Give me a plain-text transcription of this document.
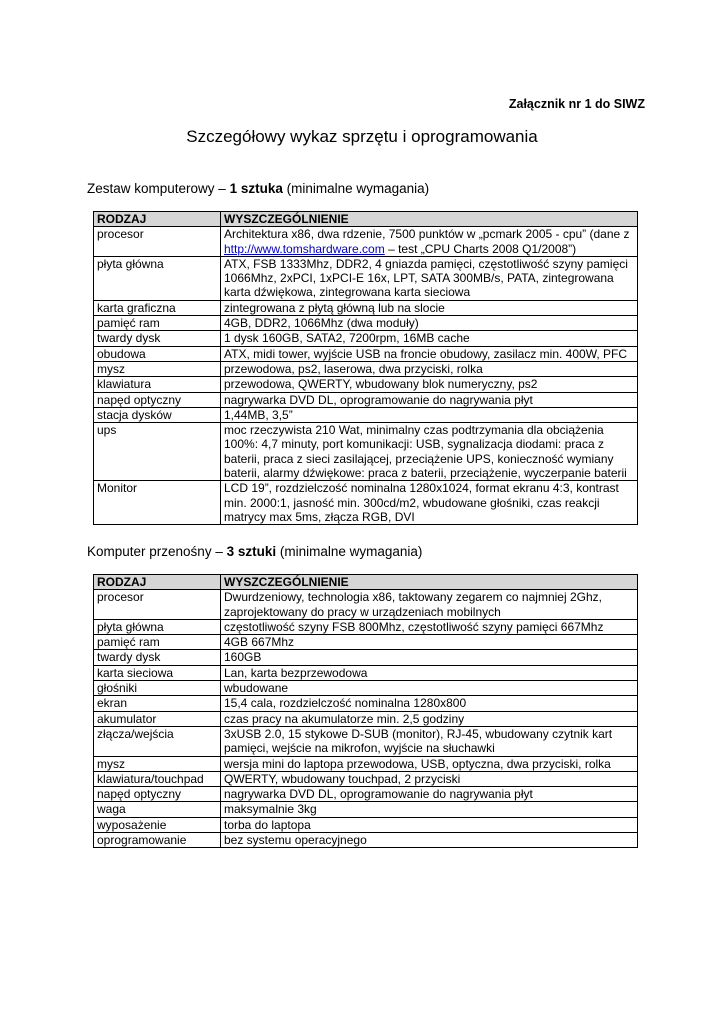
Załącznik nr 1 do SIWZ

Szczegółowy wykaz sprzętu i oprogramowania

Zestaw komputerowy – 1 sztuka (minimalne wymagania)

RODZAJ	WYSZCZEGÓLNIENIE
procesor	Architektura x86, dwa rdzenie, 7500 punktów w „pcmark 2005 - cpu” (dane z http://www.tomshardware.com – test „CPU Charts 2008 Q1/2008”)
płyta główna	ATX, FSB 1333Mhz, DDR2, 4 gniazda pamięci, częstotliwość szyny pamięci 1066Mhz, 2xPCI, 1xPCI-E 16x, LPT, SATA 300MB/s, PATA, zintegrowana karta dźwiękowa, zintegrowana karta sieciowa
karta graficzna	zintegrowana z płytą główną lub na slocie
pamięć ram	4GB, DDR2, 1066Mhz (dwa moduły)
twardy dysk	1 dysk 160GB, SATA2, 7200rpm, 16MB cache
obudowa	ATX, midi tower, wyjście USB na froncie obudowy, zasilacz min. 400W, PFC
mysz	przewodowa, ps2, laserowa, dwa przyciski, rolka
klawiatura	przewodowa, QWERTY, wbudowany blok numeryczny, ps2
napęd optyczny	nagrywarka DVD DL, oprogramowanie do nagrywania płyt
stacja dysków	1,44MB, 3,5”
ups	moc rzeczywista 210 Wat, minimalny czas podtrzymania dla obciążenia 100%: 4,7 minuty, port komunikacji: USB, sygnalizacja diodami: praca z baterii, praca z sieci zasilającej, przeciążenie UPS, konieczność wymiany baterii, alarmy dźwiękowe: praca z baterii, przeciążenie, wyczerpanie baterii
Monitor	LCD 19”, rozdzielczość nominalna 1280x1024, format ekranu 4:3, kontrast min. 2000:1, jasność min. 300cd/m2, wbudowane głośniki, czas reakcji matrycy max 5ms, złącza RGB, DVI

Komputer przenośny – 3 sztuki (minimalne wymagania)

RODZAJ	WYSZCZEGÓLNIENIE
procesor	Dwurdzeniowy, technologia x86, taktowany zegarem co najmniej 2Ghz, zaprojektowany do pracy w urządzeniach mobilnych
płyta główna	częstotliwość szyny FSB 800Mhz, częstotliwość szyny pamięci 667Mhz
pamięć ram	4GB 667Mhz
twardy dysk	160GB
karta sieciowa	Lan, karta bezprzewodowa
głośniki	wbudowane
ekran	15,4 cala, rozdzielczość nominalna 1280x800
akumulator	czas pracy na akumulatorze min. 2,5 godziny
złącza/wejścia	3xUSB 2.0, 15 stykowe D-SUB (monitor), RJ-45, wbudowany czytnik kart pamięci, wejście na mikrofon, wyjście na słuchawki
mysz	wersja mini do laptopa przewodowa, USB, optyczna, dwa przyciski, rolka
klawiatura/touchpad	QWERTY, wbudowany touchpad, 2 przyciski
napęd optyczny	nagrywarka DVD DL, oprogramowanie do nagrywania płyt
waga	maksymalnie 3kg
wyposażenie	torba do laptopa
oprogramowanie	bez systemu operacyjnego
